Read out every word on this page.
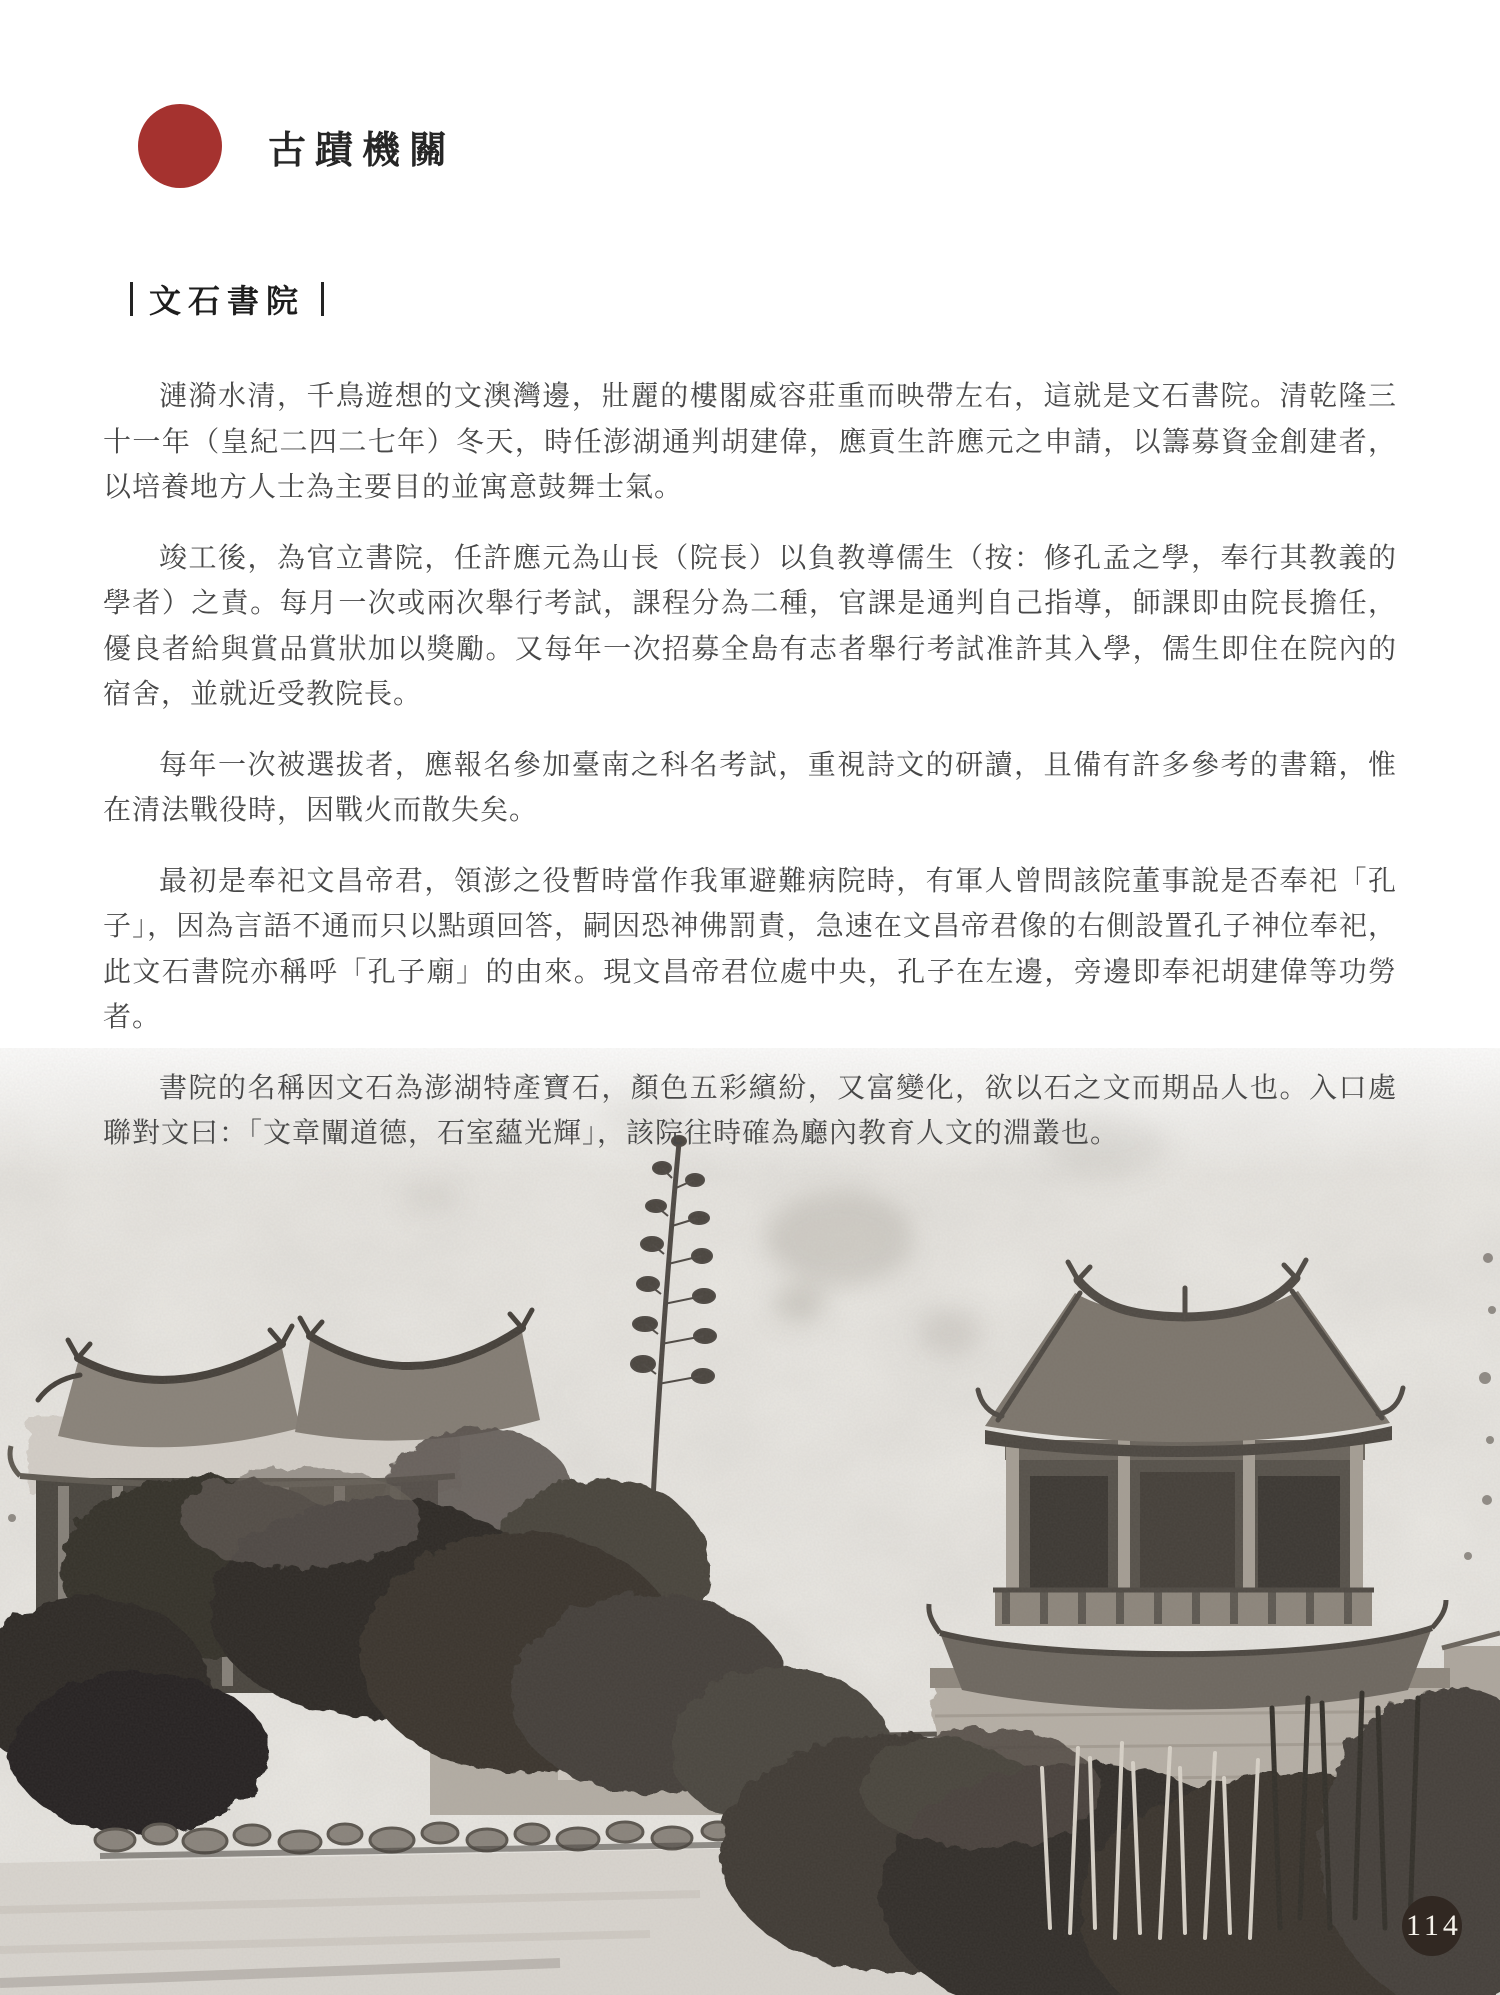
古蹟機關
文石書院

漣漪水清，千鳥遊想的文澳灣邊，壯麗的樓閣威容莊重而映帶左右，這就是文石書院。清乾隆三十一年（皇紀二四二七年）冬天，時任澎湖通判胡建偉，應貢生許應元之申請，以籌募資金創建者，以培養地方人士為主要目的並寓意鼓舞士氣。

竣工後，為官立書院，任許應元為山長（院長）以負教導儒生（按：修孔孟之學，奉行其教義的學者）之責。每月一次或兩次舉行考試，課程分為二種，官課是通判自己指導，師課即由院長擔任，優良者給與賞品賞狀加以獎勵。又每年一次招募全島有志者舉行考試准許其入學，儒生即住在院內的宿舍，並就近受教院長。

每年一次被選拔者，應報名參加臺南之科名考試，重視詩文的研讀，且備有許多參考的書籍，惟在清法戰役時，因戰火而散失矣。

最初是奉祀文昌帝君，領澎之役暫時當作我軍避難病院時，有軍人曾問該院董事說是否奉祀「孔子」，因為言語不通而只以點頭回答，嗣因恐神佛罰責，急速在文昌帝君像的右側設置孔子神位奉祀，此文石書院亦稱呼「孔子廟」的由來。現文昌帝君位處中央，孔子在左邊，旁邊即奉祀胡建偉等功勞者。

書院的名稱因文石為澎湖特產寶石，顏色五彩繽紛，又富變化，欲以石之文而期品人也。入口處聯對文曰：「文章闡道德，石室蘊光輝」，該院往時確為廳內教育人文的淵叢也。

114
